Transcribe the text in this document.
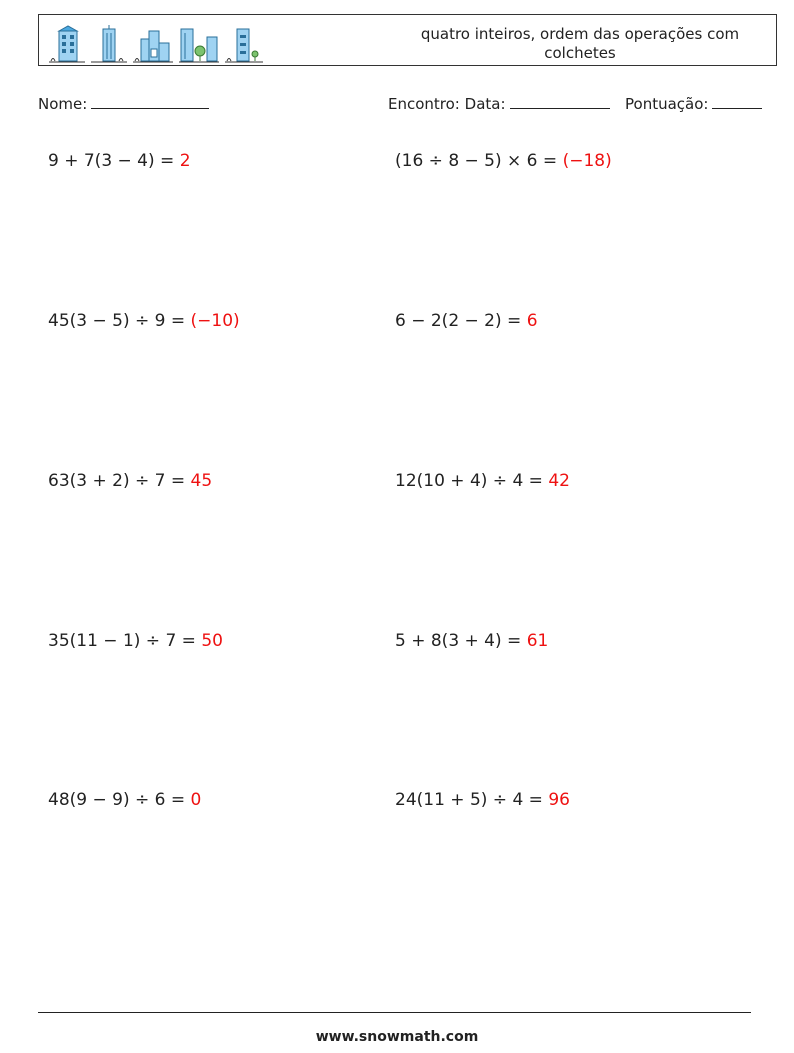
quatro inteiros, ordem das operações com colchetes
Nome:	Encontro: Data:	Pontuação:
9 + 7(3 − 4) = 2	(16 ÷ 8 − 5) × 6 = (−18)
45(3 − 5) ÷ 9 = (−10)	6 − 2(2 − 2) = 6
63(3 + 2) ÷ 7 = 45	12(10 + 4) ÷ 4 = 42
35(11 − 1) ÷ 7 = 50	5 + 8(3 + 4) = 61
48(9 − 9) ÷ 6 = 0	24(11 + 5) ÷ 4 = 96
www.snowmath.com
